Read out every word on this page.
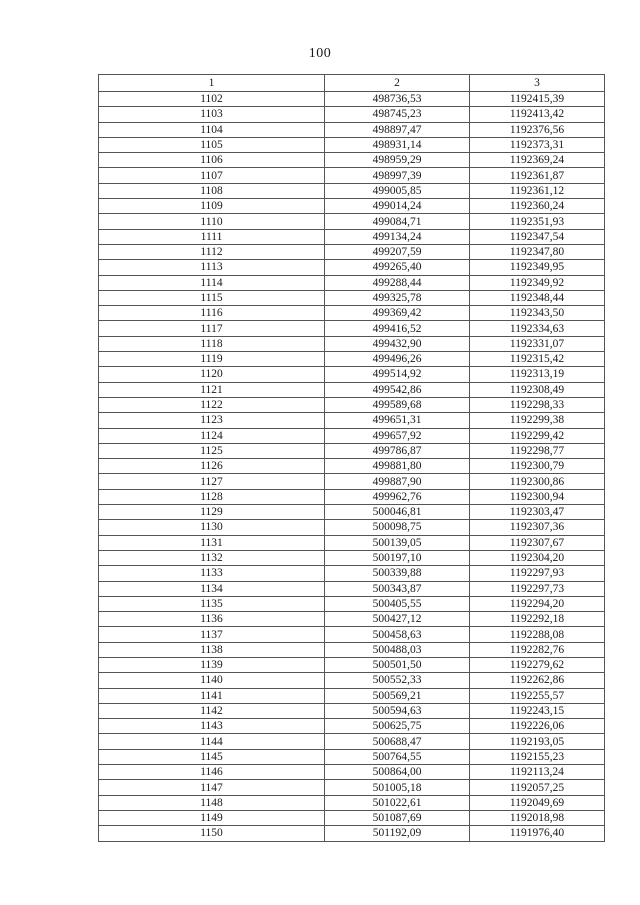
100
1	2	3
1102	498736,53	1192415,39
1103	498745,23	1192413,42
1104	498897,47	1192376,56
1105	498931,14	1192373,31
1106	498959,29	1192369,24
1107	498997,39	1192361,87
1108	499005,85	1192361,12
1109	499014,24	1192360,24
1110	499084,71	1192351,93
1111	499134,24	1192347,54
1112	499207,59	1192347,80
1113	499265,40	1192349,95
1114	499288,44	1192349,92
1115	499325,78	1192348,44
1116	499369,42	1192343,50
1117	499416,52	1192334,63
1118	499432,90	1192331,07
1119	499496,26	1192315,42
1120	499514,92	1192313,19
1121	499542,86	1192308,49
1122	499589,68	1192298,33
1123	499651,31	1192299,38
1124	499657,92	1192299,42
1125	499786,87	1192298,77
1126	499881,80	1192300,79
1127	499887,90	1192300,86
1128	499962,76	1192300,94
1129	500046,81	1192303,47
1130	500098,75	1192307,36
1131	500139,05	1192307,67
1132	500197,10	1192304,20
1133	500339,88	1192297,93
1134	500343,87	1192297,73
1135	500405,55	1192294,20
1136	500427,12	1192292,18
1137	500458,63	1192288,08
1138	500488,03	1192282,76
1139	500501,50	1192279,62
1140	500552,33	1192262,86
1141	500569,21	1192255,57
1142	500594,63	1192243,15
1143	500625,75	1192226,06
1144	500688,47	1192193,05
1145	500764,55	1192155,23
1146	500864,00	1192113,24
1147	501005,18	1192057,25
1148	501022,61	1192049,69
1149	501087,69	1192018,98
1150	501192,09	1191976,40
